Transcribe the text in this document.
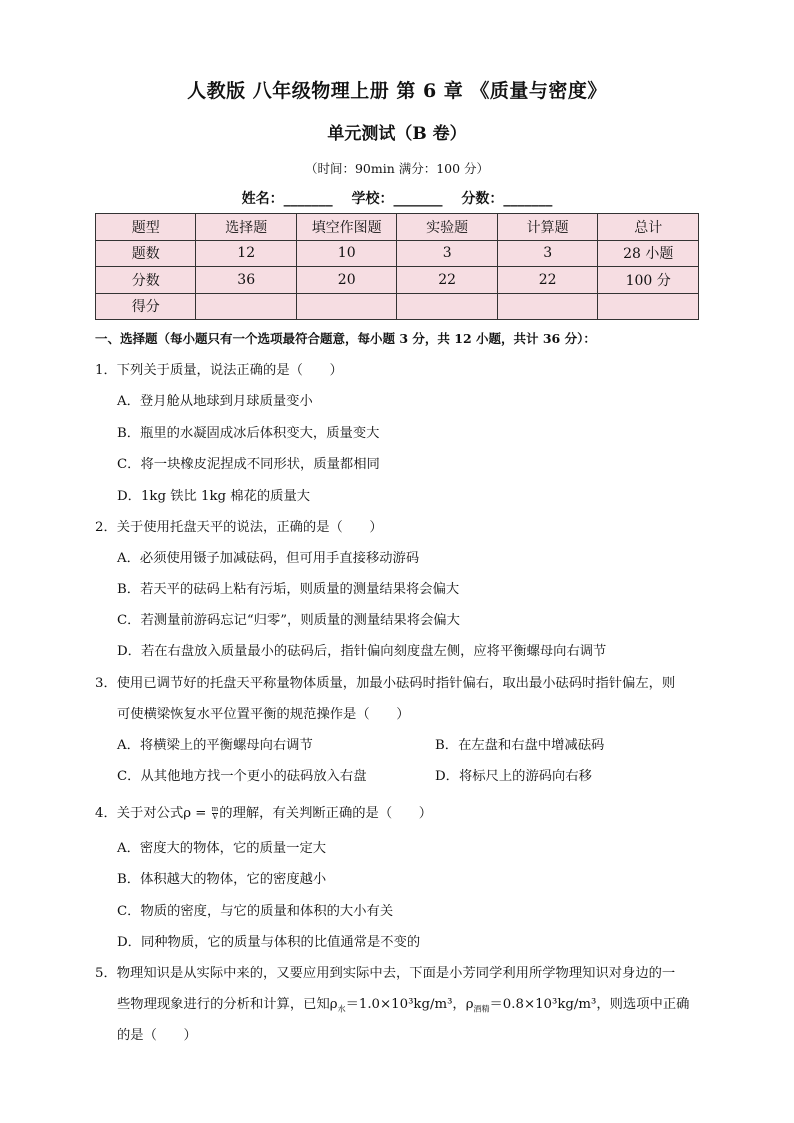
人教版 八年级物理上册 第 6 章 《质量与密度》
单元测试（B 卷）
（时间：90min 满分：100 分）
姓名：_______ 学校：_______ 分数：_______
题型	选择题	填空作图题	实验题	计算题	总计
题数	12	10	3	3	28 小题
分数	36	20	22	22	100 分
得分					
一、选择题（每小题只有一个选项最符合题意，每小题 3 分，共 12 小题，共计 36 分）：
1．下列关于质量，说法正确的是（　　）
A．登月舱从地球到月球质量变小
B．瓶里的水凝固成冰后体积变大，质量变大
C．将一块橡皮泥捏成不同形状，质量都相同
D．1kg 铁比 1kg 棉花的质量大
2．关于使用托盘天平的说法，正确的是（　　）
A．必须使用镊子加减砝码，但可用手直接移动游码
B．若天平的砝码上粘有污垢，则质量的测量结果将会偏大
C．若测量前游码忘记“归零”，则质量的测量结果将会偏大
D．若在右盘放入质量最小的砝码后，指针偏向刻度盘左侧，应将平衡螺母向右调节
3．使用已调节好的托盘天平称量物体质量，加最小砝码时指针偏右，取出最小砝码时指针偏左，则
可使横梁恢复水平位置平衡的规范操作是（　　）
A．将横梁上的平衡螺母向右调节	B．在左盘和右盘中增减砝码
C．从其他地方找一个更小的砝码放入右盘	D．将标尺上的游码向右移
4．关于对公式$\rho = \frac{m}{V}$ 的理解，有关判断正确的是（　　）
A．密度大的物体，它的质量一定大
B．体积越大的物体，它的密度越小
C．物质的密度，与它的质量和体积的大小有关
D．同种物质，它的质量与体积的比值通常是不变的
5．物理知识是从实际中来的，又要应用到实际中去，下面是小芳同学利用所学物理知识对身边的一
些物理现象进行的分析和计算，已知$\rho_水=1.0\times 10^3kg/m^3$，$\rho_{酒精}=0.8\times 10^3kg/m^3$，则选项中正确
的是（　　）
